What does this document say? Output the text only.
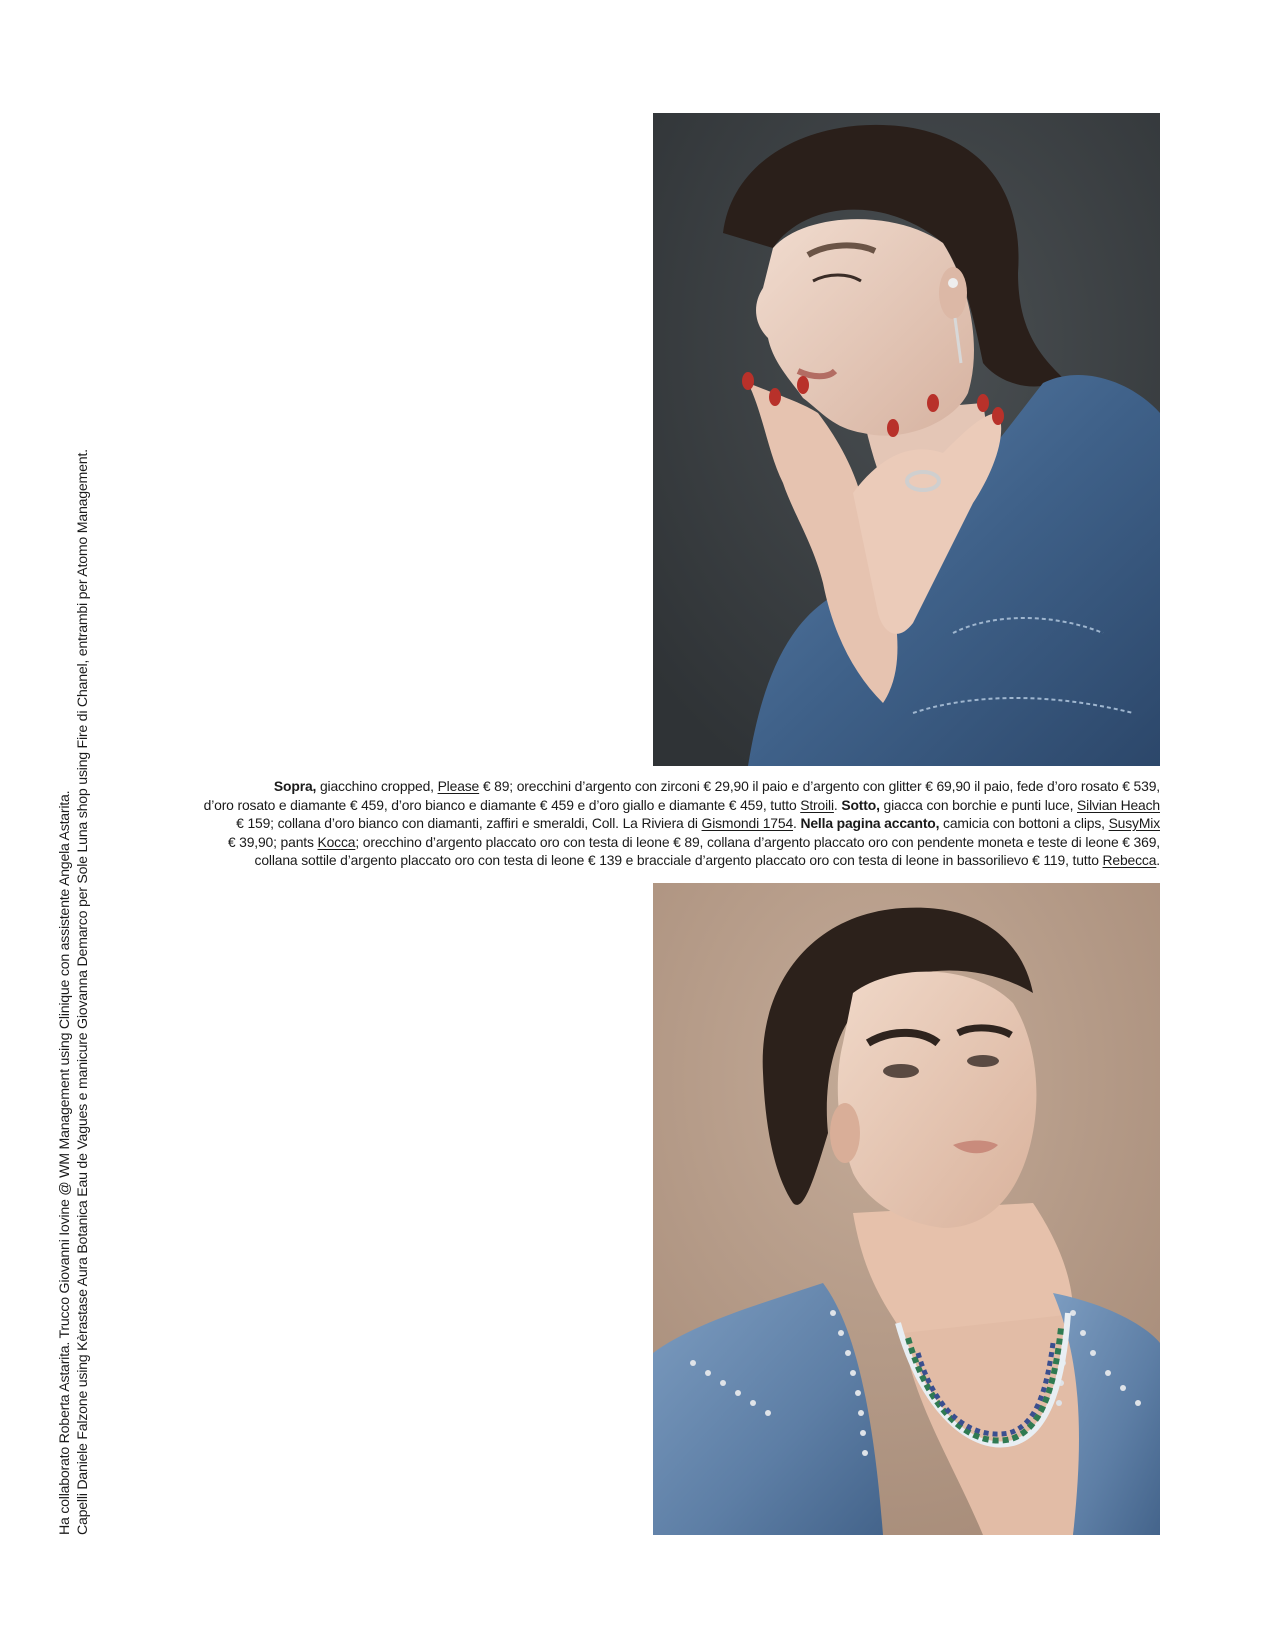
Ha collaborato Roberta Astarita. Trucco Giovanni Iovine @ WM Management using Clinique con assistente Angela Astarita. Capelli Daniele Falzone using Kèrastase Aura Botanica Eau de Vagues e manicure Giovanna Demarco per Sole Luna shop using Fire di Chanel, entrambi per Atomo Management.	Sopra, giacchino cropped, Please € 89; orecchini d’argento con zirconi € 29,90 il paio e d’argento con glitter € 69,90 il paio, fede d’oro rosato € 539,
d’oro rosato e diamante € 459, d’oro bianco e diamante € 459 e d’oro giallo e diamante € 459, tutto Stroili. Sotto, giacca con borchie e punti luce, Silvian Heach
€ 159; collana d’oro bianco con diamanti, zaffiri e smeraldi, Coll. La Riviera di Gismondi 1754. Nella pagina accanto, camicia con bottoni a clips, SusyMix
€ 39,90; pants Kocca; orecchino d’argento placcato oro con testa di leone € 89, collana d’argento placcato oro con pendente moneta e teste di leone € 369,
collana sottile d’argento placcato oro con testa di leone € 139 e bracciale d’argento placcato oro con testa di leone in bassorilievo € 119, tutto Rebecca.
